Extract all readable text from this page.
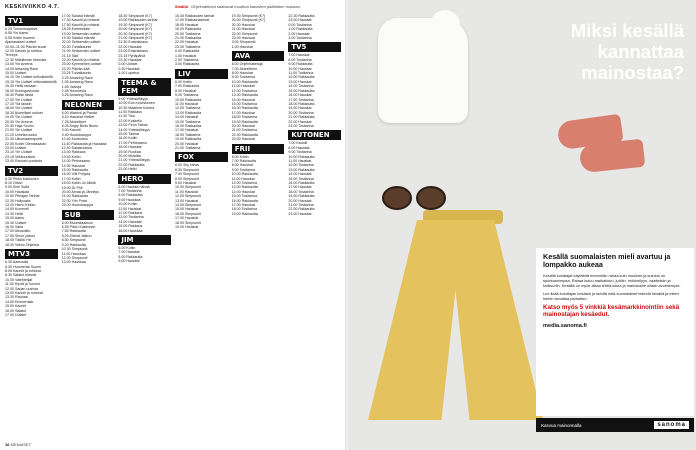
KESKIVIIKKO 4.7.	Sisältö Ohjelmatiedot saattavat muuttua kanavien päätösten mukaan.
TV1
6.25 Tunnelmapäivä
6.55 Yle Aamu
9.05 Kotiin huomio
Ajantasaiset uutiset
10.00–11.00 Päivän kuvat
12.00 Kaunis ja rohkea
Terveys
12.30 Mäkilinnan tietovisa
13.00 Yle Areena
14.00 Amazing Race
15.00 Uutiset
15.10 Yle Uutiset selkokielellä
15.15 Yle Uutiset viittomakielellä
15.30 Hetki rantaan
16.00 Kuningaskunta
16.30 Pidän tästä
17.00 Yle Uutiset
17.10 Ylä talokin
18.00 Yle Uutiset
18.30 Alueelliset uutiset
19.00 Yle Uutiset
20.00 Yle Areena
20.30 Haja Suomi
21.00 Yle Uutiset
21.20 Urheiluruudut
21.30 Ulkomaanraportti
22.00 Kodin Olemassaolo
23.00 Uutiset
23.10 Yle Uutiset
23.15 Viikkouutiset
23.40 Rauhan puolesta
TV2
6.30 Pikku Kakkonen
8.10 Oddvi
9.00 Kimi Sofia
10.00 Hauskaa
10.50 Pihlajan Tarinat
12.30 Hollyoaks
13.20 Hieno Kirkko
14.00 Kummeli
14.30 Hetki
15.00 Aamu
15.30 Uutiset
16.00 Vaha
17.00 Alkusoitto
17.55 Sinun juttusi
18.05 Täällä Yle
18.30 Viikon Ohjelma
MTV3
6.30 Aamusää
6.30 Huomenta Suomi
8.05 Kauniit ja rohkeat
8.30 Salatut elämät
10.00 Valehtelijat
11.00 Hyvät ja huonot
12.00 Sarjan uusinta
13.00 Kauniit ja rohkeat
13.30 Rauhaa
14.00 Emmerdale
15.00 Kauniit
16.00 Salatut
17.00 Uutiset
17.00 Salatut elämät
17.30 Kauniit ja rohkeat
17.50 Kauniit ja rohkeat
18.25 Emmerdale
19.00 Seitsemän uutiset
19.30 Salatut elämät
20.00 Seitsemän uutiset
20.30 Tuhatkaunis
21.00 Seitsemän uutiset
21.15 Sää
22.00 Kauniit ja rohkeat
23.00 Kymmenen uutiset
23.20 Päivän sää
23.25 Tuhatkaunis
0.25 Amazing Race
1.05 Amazing Race
1.45 Valvoja
2.45 Huomenta
3.25 Amazing Race
NELONEN
6.00 Warrick ja Panda
6.10 Hauskat Hetket
7.25 Alueelliset
8.25 Angry Birds Blues
9.00 Kauniit
9.40 Huutokauppa
10.40 Kuntoutus
11.40 Rakkautta ja Hauskaa
12.40 Salaisuuksia
13.00 Rakkaus
13.40 Kotiin
14.00 Perheaamu
14.30 Hauskat
15.00 Rakkautta
16.00 Villi Pohjola
17.00 Kotiin
18.00 Kotiin Ja Jälkiä
19.00 Dr Phil
20.00 Arvaa ja Jännitys
21.00 Rakkautta
22.00 Ylin Pinta
23.00 Huutokauppa
SUB
6.00 Muumilaakson
6.55 Pikku Kakkonen
7.55 Rakkautta
8.25 Elämä Jatkuu
8.50 Simpsonit
9.20 Rakkautta
10.30 Simpsonit
11.00 Hauskaa
12.00 Simpsonit
13.00 Hauskaa
18.30 Simpsonit (K7)
19.00 Rakkauden tarinat
19.30 Simpsonit (K7)
20.00 Simpsonit (K7)
20.30 Simpsonit (K7)
21.00 Simpsonit (K7)
21.30 Ensirakkaus
22.00 Hauskat
23.00 Ensirakkaus
23.15 Pyhäpäivä
23.30 Hauskat
0.00 Uutiset
0.30 Hauskat
1.00 Lopetus
TEEMA & FEM
9.00 Yhteisöllisyys
10.00 Eva Koivistoinen
10.30 Maailma Kotona
11.00 Rakkaus
11.30 Tulo
12.00 Kokkeilu
13.00 Pirun Taivas
14.00 Yhteisöllisyys
15.00 Tarinat
16.00 Kotiin
17.00 Perheaamu
18.00 Hauskat
19.00 Ruokaa
20.00 Musiikki
21.00 Yhteisöllisyys
22.00 Rakkautta
23.00 Hetki
HERO
6.00 Hauska nähdä
7.00 Tositarina
8.00 Rakkautta
9.00 Hauskaa
10.00 Kotiin
11.00 Hauskat
12.00 Rakkaus
13.00 Tositarina
14.00 Hauskat
15.00 Rakkaus
16.00 Hauskaa
JIM
6.00 Kotiin
7.00 Hauskat
8.00 Rakkautta
9.00 Hauskat
15.45 Rakkauden tarinat
17.00 Rakkaustarinat
18.00 Hauskat
19.00 Rakkautta
20.00 Tositarina
21.00 Rakkautta
22.00 Hauskat
23.00 Tositarina
0.00 Rakkautta
1.00 Hauskat
2.00 Tositarina
3.00 Rakkautta
LIV
6.00 Kotiin
7.00 Rakkautta
8.00 Hauskat
9.00 Tositarina
10.00 Rakkautta
11.00 Hauskat
12.00 Tositarina
13.00 Rakkautta
14.00 Hauskat
15.00 Tositarina
16.00 Rakkautta
17.00 Hauskat
18.00 Tositarina
19.00 Rakkautta
20.00 Hauskat
21.00 Tositarina
FOX
6.00 Sky News
6.30 Simpsonit
7.00 Simpsonit
8.00 Simpsonit
9.00 Hauskat
10.00 Simpsonit
11.00 Hauskat
12.00 Simpsonit
13.00 Hauskat
14.00 Simpsonit
15.00 Hauskat
16.00 Simpsonit
17.00 Hauskat
18.00 Simpsonit
19.00 Hauskat
19.30 Simpsonit (K7)
20.00 Simpsonit (K7)
20.30 Hauskat
21.00 Hauskat
22.00 Simpsonit
23.00 Hauskat
0.00 Simpsonit
1.00 Hauskat
AVA
6.00 Ohjelmatietoja
7.00 Alueellinen
8.00 Hauskat
9.00 Tositarina
10.00 Rakkautta
11.00 Hauskat
12.00 Tositarina
13.00 Rakkautta
14.00 Hauskat
15.00 Tositarina
16.00 Rakkautta
17.00 Hauskat
18.00 Tositarina
19.00 Rakkautta
20.00 Hauskat
21.00 Tositarina
22.00 Rakkautta
23.00 Hauskat
FRII
6.00 Kotiin
7.00 Rakkautta
8.00 Hauskat
9.00 Tositarina
10.00 Rakkautta
11.00 Hauskat
12.00 Tositarina
13.00 Rakkautta
14.00 Hauskat
15.00 Tositarina
16.00 Rakkautta
17.00 Hauskat
18.00 Tositarina
19.00 Rakkautta
22.30 Rakkautta
23.00 Hauskat
0.00 Tositarina
1.00 Rakkautta
2.00 Hauskat
3.00 Tositarina
TV5
7.00 Hauskat
8.00 Tositarina
9.00 Rakkautta
10.00 Hauskat
11.00 Tositarina
12.00 Rakkautta
13.00 Hauskat
14.00 Tositarina
15.00 Rakkautta
16.00 Hauskat
17.00 Tositarina
18.00 Rakkautta
19.00 Hauskat
20.00 Tositarina
21.00 Rakkautta
22.00 Hauskat
23.00 Tositarina
KUTONEN
7.00 Kauniit
8.00 Hauskat
9.00 Tositarina
10.00 Rakkautta
11.00 Hauskat
12.00 Tositarina
13.00 Rakkautta
14.00 Hauskat
15.00 Tositarina
16.00 Rakkautta
17.00 Hauskat
18.00 Tositarina
19.00 Rakkautta
20.00 Hauskat
21.00 Tositarina
22.00 Rakkautta
23.00 Hauskat
16 MENAISET
Miksi kesällä
kannattaa
mainostaa?
Kesällä suomalaisten mieli avartuu ja lompakko aukeaa
Kesällä kuluttajat käyttävät enemmän rahaa kuin muulloin ja kulutus on spontaanimpaa. Rahaa kuluu matkailuun, juhliin, mökkeilyyn, vaatteisiin ja kulttuuriin. Kesällä on myös aikaa lehtiä lukea ja mainoksille ollaan avoimempia.
Lue lisää kuluttajan kesästä ja selvitä mitä suomalaiset tekevät kesällä ja miten heihin tavoittaa parhaiten.
Katso myös 5 vinkkiä kesämarkkinointiin sekä mainostajan kesäedut.
media.sanoma.fi
Kasvua mainonnalla	sanoma
